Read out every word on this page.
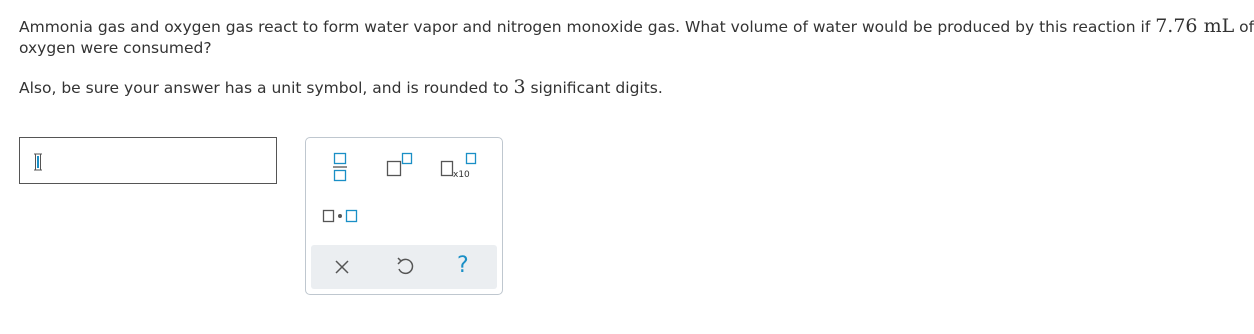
Ammonia gas and oxygen gas react to form water vapor and nitrogen monoxide gas. What volume of water would be produced by this reaction if 7.76 mL of
oxygen were consumed?
Also, be sure your answer has a unit symbol, and is rounded to 3 significant digits.
x10
?
